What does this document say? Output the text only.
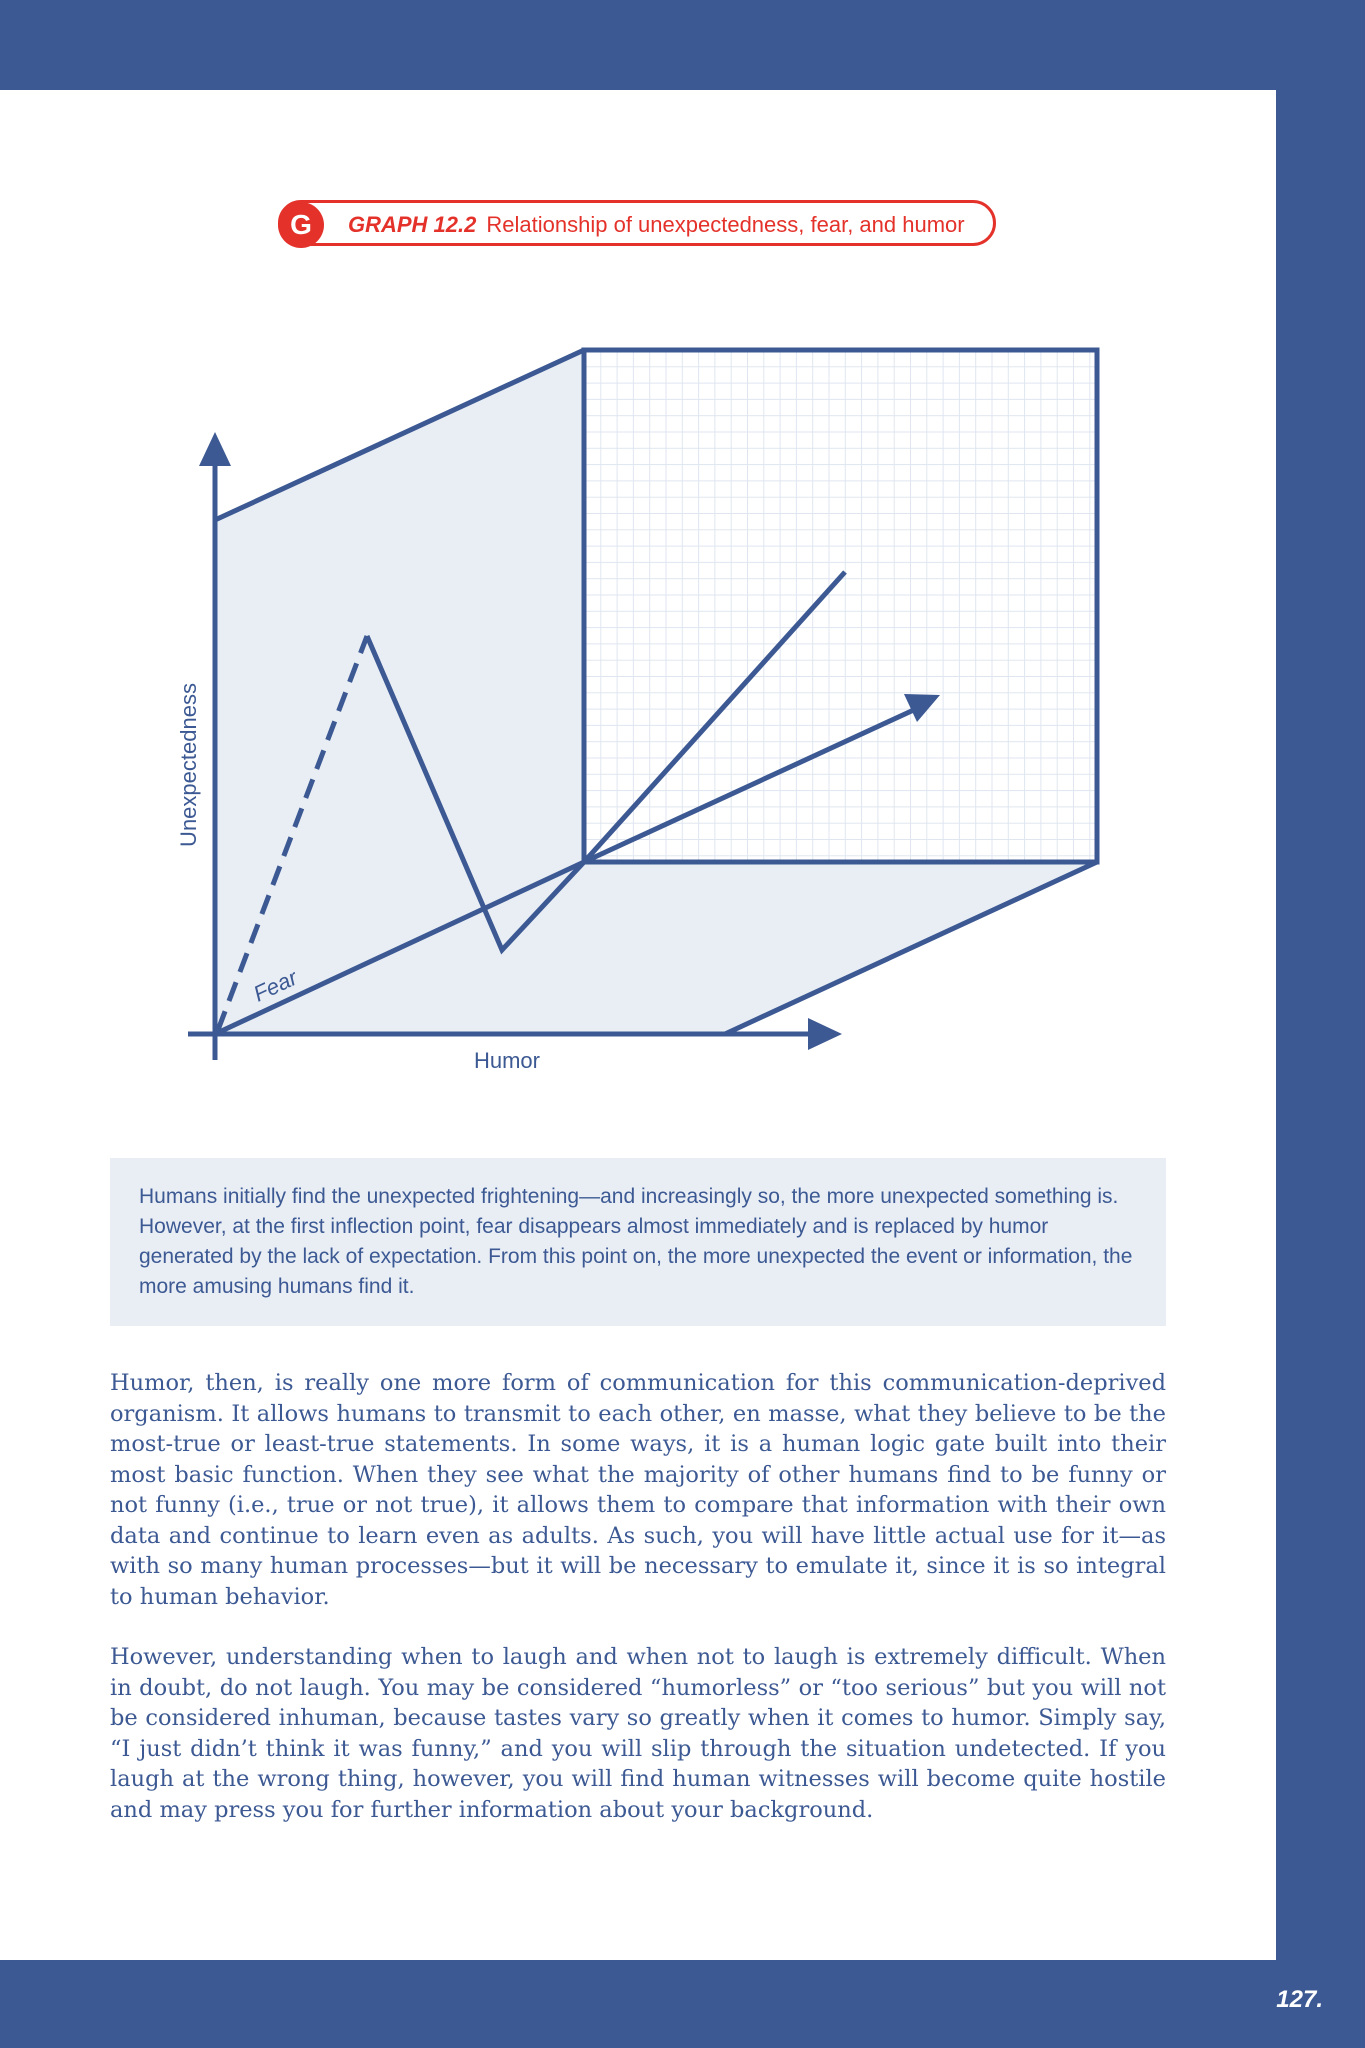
G	GRAPH 12.2 Relationship of unexpectedness, fear, and humor
Unexpectedness
Humor
Fear

Humans initially find the unexpected frightening—and increasingly so, the more unexpected something is. However, at the first inflection point, fear disappears almost immediately and is replaced by humor generated by the lack of expectation. From this point on, the more unexpected the event or information, the more amusing humans find it.

Humor, then, is really one more form of communication for this communication-deprived organism. It allows humans to transmit to each other, en masse, what they believe to be the most-true or least-true statements. In some ways, it is a human logic gate built into their most basic function. When they see what the majority of other humans find to be funny or not funny (i.e., true or not true), it allows them to compare that information with their own data and continue to learn even as adults. As such, you will have little actual use for it—as with so many human processes—but it will be necessary to emulate it, since it is so integral to human behavior.

However, understanding when to laugh and when not to laugh is extremely difficult. When in doubt, do not laugh. You may be considered “humorless” or “too serious” but you will not be considered inhuman, because tastes vary so greatly when it comes to humor. Simply say, “I just didn’t think it was funny,” and you will slip through the situation undetected. If you laugh at the wrong thing, however, you will find human witnesses will become quite hostile and may press you for further information about your background.

127.
